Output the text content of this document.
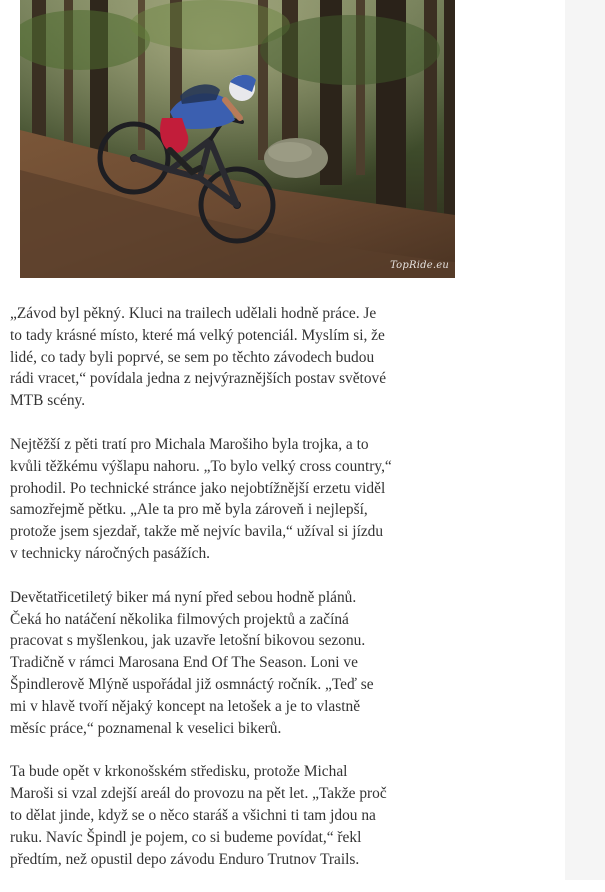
TopRide.eu

„Závod byl pěkný. Kluci na trailech udělali hodně práce. Je
to tady krásné místo, které má velký potenciál. Myslím si, že
lidé, co tady byli poprvé, se sem po těchto závodech budou
rádi vracet,“ povídala jedna z nejvýraznějších postav světové
MTB scény.

Nejtěžší z pěti tratí pro Michala Marošiho byla trojka, a to
kvůli těžkému výšlapu nahoru. „To bylo velký cross country,“
prohodil. Po technické stránce jako nejobtížnější erzetu viděl
samozřejmě pětku. „Ale ta pro mě byla zároveň i nejlepší,
protože jsem sjezdař, takže mě nejvíc bavila,“ užíval si jízdu
v technicky náročných pasážích.

Devětatřicetiletý biker má nyní před sebou hodně plánů.
Čeká ho natáčení několika filmových projektů a začíná
pracovat s myšlenkou, jak uzavře letošní bikovou sezonu.
Tradičně v rámci Marosana End Of The Season. Loni ve
Špindlerově Mlýně uspořádal již osmnáctý ročník. „Teď se
mi v hlavě tvoří nějaký koncept na letošek a je to vlastně
měsíc práce,“ poznamenal k veselici bikerů.

Ta bude opět v krkonošském středisku, protože Michal
Maroši si vzal zdejší areál do provozu na pět let. „Takže proč
to dělat jinde, když se o něco staráš a všichni ti tam jdou na
ruku. Navíc Špindl je pojem, co si budeme povídat,“ řekl
předtím, než opustil depo závodu Enduro Trutnov Trails.
